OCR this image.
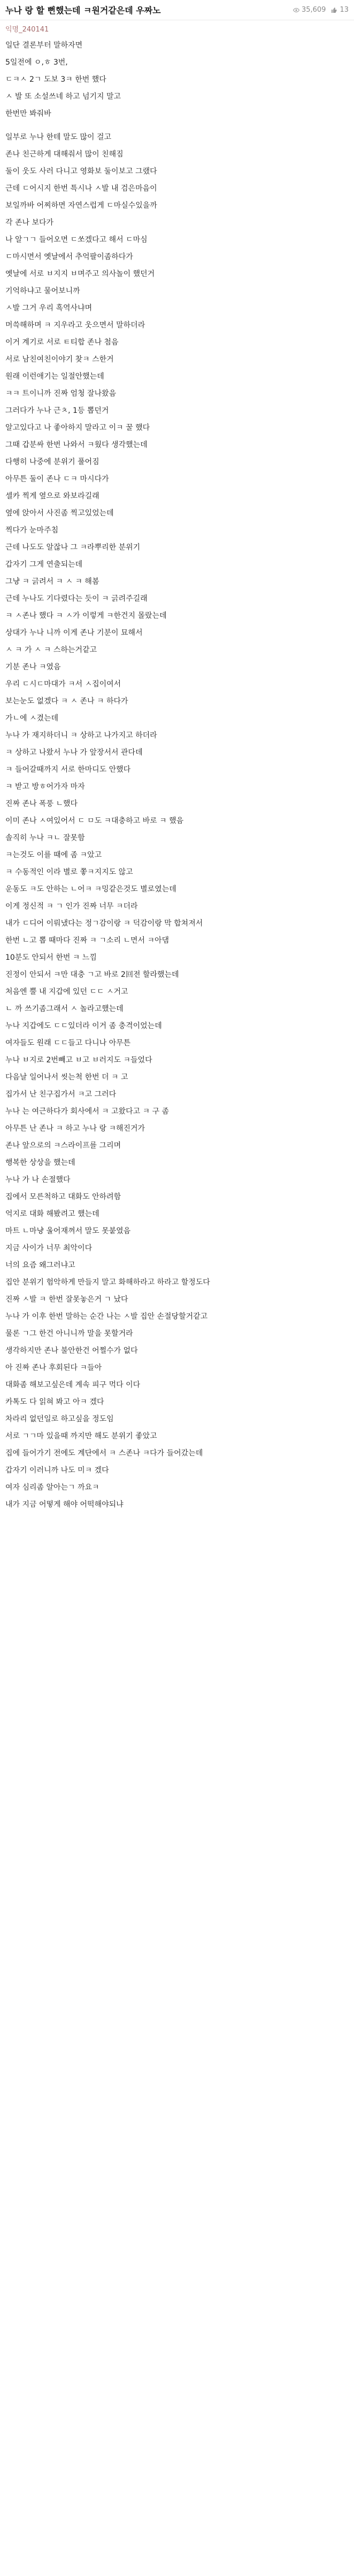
누나 랑 할 뻔했는데 ㅋ원거같은데 우짜노	35,609 13
익명_240141

일단 결론부터 말하자면

5일전에 ㅇ,ㅎ 3번,

ㄷㅋㅅ 2ㄱ 도보 3ㅋ 한번 했다

ㅅ 발 또 소설쓰네 하고 넘기지 말고

한번만 봐줘바

일부로 누나 한테 말도 많이 걸고

존나 친근하게 대해줘서 많이 친해짐

둘이 웃도 사러 다니고 영화보 둘이보고 그랬다

근데 ㄷ어시지 한번 특시나 ㅅ발 내 검은마음이

보일까바 어찌하면 자연스럽게 ㄷ마실수있을까

각 존나 보다가

나 알ㄱㄱ 들어오면 ㄷ쏘겠다고 해서 ㄷ마심

ㄷ마시면서 옛날에서 추억팔이좀하다가

옛날에 서로 ㅂ지지 ㅂ며주고 의사놀이 했던거

기억하냐고 물어보니까

ㅅ발 그거 우리 흑역사냐며

머쓱해하며 ㅋ 지우라고 웃으면서 말하더라

이거 계기로 서로 ㅌ티합 존나 첨음

서로 남친여친이야기 찾ㅋ 스한거

원래 이런애기는 일절안했는데

ㅋㅋ 트이니까 진짜 엄청 잘나왔음

그러다가 누나 근ㅊ, 1등 뽑던거

알고있다고 나 좋아하지 말라고 이ㅋ 꿀 했다

그때 갑분싸 한번 나와서 ㅋ웠다 생각했는데

다행히 나중에 분위기 풀어짐

아무튼 둘이 존나 ㄷㅋ 마시다가

셀카 찍게 옆으로 와보라길래

옆에 앉아서 사진좀 찍고있었는데

찍다가 눈마주침

근데 나도도 알잖나 그 ㅋ라뿌리한 분위기

갑자기 그게 연출되는데

그냥 ㅋ 긁려서 ㅋ ㅅ ㅋ 해봄

근데 누나도 기다렸다는 듯이 ㅋ 긁려주길래

ㅋ ㅅ존나 했다 ㅋ ㅅ가 이렇게 ㅋ한건지 몰랐는데

상대가 누나 니까 이게 존나 기분이 묘해서

ㅅ ㅋ 가 ㅅ ㅋ 스하는거같고

기분 존나 ㅋ였음

우리 ㄷ시ㄷ마대가 ㅋ서 ㅅ집이여서

보는눈도 없겠다 ㅋ ㅅ 존나 ㅋ 하다가

가ㄴ에 ㅅ겼는데

누나 가 재지하더니 ㅋ 상하고 나가지고 하더라

ㅋ 상하고 나왔서 누나 가 앞장서서 관다데

ㅋ 들어갈때까지 서로 한마디도 안했다

ㅋ 받고 방ㅎ어가자 마자

진짜 존나 폭풍 ㄴ했다

이미 존나 ㅅ여있어서 ㄷ ㅁ도 ㅋ대충하고 바로 ㅋ 했음

솔직히 누나 ㅋㄴ 잘못함

ㅋ는것도 이를 때에 좀 ㅋ았고

ㅋ 수동적인 이라 별로 쫗ㅋ지지도 않고

운동도 ㅋ도 안하는 ㄴ어ㅋ ㅋ밍같은것도 별로였는데

이게 정신적 ㅋ ㄱ 인가 진짜 너무 ㅋ더라

내가 ㄷ디어 이뤄냈다는 정ㄱ감이랑 ㅋ 덕감이랑 막 합쳐져서

한번 ㄴ고 뽑 때마다 진짜 ㅋ ㄱ소리 ㄴ면서 ㅋ아댐

10분도 안되서 한번 ㅋ 느낌

진정이 안되서 ㅋ만 대충 ㄱ고 바로 2回전 할라했는데

처음엔 뿔 내 지갑에 있던 ㄷㄷ ㅅ거고

ㄴ 까 쓰기좀그래서 ㅅ 놀라고했는데

누나 지갑에도 ㄷㄷ있더라 이거 좀 충격이었는데

여자들도 원래 ㄷㄷ들고 다니나 아무튼

누나 ㅂ지로 2번빼고 ㅂ고 ㅂ러지도 ㅋ들었다

다음날 일어나서 씻는척 한번 더 ㅋ 고

집가서 난 친구집가서 ㅋ고 그러다

누나 는 여근하다가 회사에서 ㅋ 고왔다고 ㅋ 구 좀

아무튼 난 존나 ㅋ 하고 누나 랑 ㅋ해진거가

존나 앞으로의 ㅋ스라이프를 그리며

행복한 상상을 했는데

누나 가 나 손절했다

집에서 모른척하고 대화도 안하려함

억지로 대화 해봤려고 했는데

마트 ㄴ마냥 울어재껴서 말도 못붙였음

지금 사이가 너무 최악이다

너의 요즘 왜그러냐고

집안 분위기 험악하게 만들지 말고 화해하라고 하라고 할정도다

진짜 ㅅ발 ㅋ 한번 잘못놓은거 ㄱ 났다

누나 가 이후 한번 말하는 순간 나는 ㅅ발 집안 손절당할거같고

물론 ㄱ그 한건 아니니까 말을 못할거라

생각하지만 존나 불안한건 어쩔수가 없다

아 진짜 존나 후회된다 ㅋ들아

대화좀 해보고싶은데 계속 피구 먹다 이다

카톡도 다 읽혀 봐고 아ㅋ 겠다

차라리 없던일로 하고싶을 정도임

서로 ㄱㄱ마 있을때 까지만 해도 분위기 좋았고

집에 들어가기 전에도 계단에서 ㅋ 스존나 ㅋ다가 들어갔는데

갑자기 이러니까 나도 미ㅋ 겠다

여자 심리좀 알아는ㄱ 까요ㅋ

내가 지금 어떻게 해야 어떡해야되냐
